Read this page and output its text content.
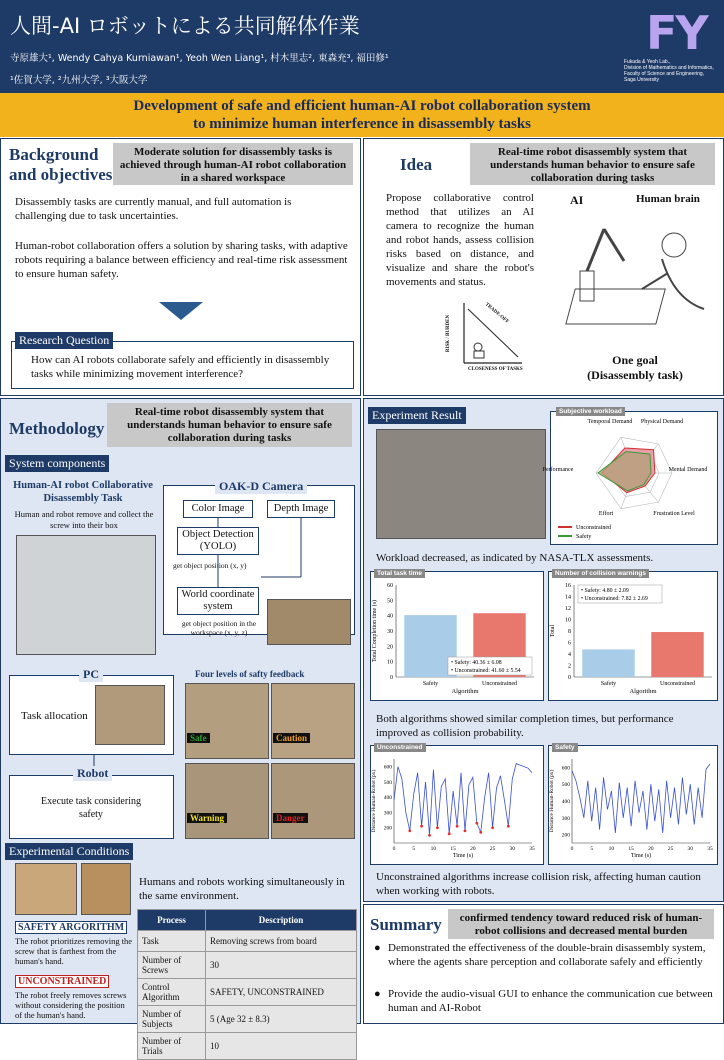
人間-AI ロボットによる共同解体作業
寺原雄大¹, Wendy Cahya Kurniawan¹, Yeoh Wen Liang¹, 村木里志², 東森充³, 福田修¹
¹佐賀大学, ²九州大学, ³大阪大学
FY
Fukuda & Yeoh Lab.,
Division of Mathematics and Informatics,
Faculty of Science and Engineering,
Saga University
Development of safe and efficient human-AI robot collaboration system
to minimize human interference in disassembly tasks
Background
and objectives
Moderate solution for disassembly tasks is achieved through human-AI robot collaboration in a shared workspace
Disassembly tasks are currently manual, and full automation is challenging due to task uncertainties.
Human-robot collaboration offers a solution by sharing tasks, with adaptive robots requiring a balance between efficiency and real-time risk assessment to ensure human safety.
Research Question
How can AI robots collaborate safely and efficiently in disassembly tasks while minimizing movement interference?
Idea
Real-time robot disassembly system that understands human behavior to ensure safe collaboration during tasks
Propose collaborative control method that utilizes an AI camera to recognize the human and robot hands, assess collision risks based on distance, and visualize and share the robot's movements and status.
TRADE-OFF
RISK / BURDEN
CLOSENESS OF TASKS
AI	Human brain
One goal
(Disassembly task)
Methodology
Real-time robot disassembly system that understands human behavior to ensure safe collaboration during tasks
System components
Human-AI robot Collaborative Disassembly Task
Human and robot remove and collect the screw into their box
OAK-D Camera
Color Image	Depth Image
Object Detection (YOLO)
get object position (x, y)
World coordinate system
get object position in the workspace (x, y, z)
PC
Task allocation
Robot
Execute task considering safety
Four levels of safty feedback
Safe	Caution
Warning	Danger
Experimental Conditions
SAFETY ARGORITHM
The robot prioritizes removing the screw that is farthest from the human's hand.
UNCONSTRAINED
The robot freely removes screws without considering the position of the human's hand.
Humans and robots working simultaneously in the same environment.
Process	Description
Task	Removing screws from board
Number of Screws	30
Control Algorithm	SAFETY, UNCONSTRAINED
Number of Subjects	5 (Age 32 ± 8.3)
Number of Trials	10
Experiment Result	Subjective workload
Temporal Demand Physical Demand
Mental Demand
Frustration Level
Effort
Performance
Unconstrained
Safety
Workload decreased, as indicated by NASA-TLX assessments.
Total task time
0
10
20
30
40
50
60
Safety	Unconstrained
Algorithm
Total Completion time (s)
• Safety: 40.36 ± 6.08
• Unconstrained: 41.60 ± 5.54
Number of collision warnings
0
2
4
6
8
10
12
14
16
Safety	Unconstrained
Algorithm
Total
• Safety: 4.80 ± 2.09
• Unconstrained: 7.82 ± 2.69
Both algorithms showed similar completion times, but performance improved as collision probability.
Unconstrained
200
300
400
500
600
0	5	10	15	20	25	30	35
Time (s)
Distance Human-Robot (px)
Safety
200
300
400
500
600
0	5	10	15	20	25	30	35
Time (s)
Distance Human-Robot (px)
Unconstrained algorithms increase collision risk, affecting human caution when working with robots.
Summary	confirmed tendency toward reduced risk of human-robot collisions and decreased mental burden
● Demonstrated the effectiveness of the double-brain disassembly system, where the agents share perception and collaborate safely and efficiently
● Provide the audio-visual GUI to enhance the communication cue between human and AI-Robot
